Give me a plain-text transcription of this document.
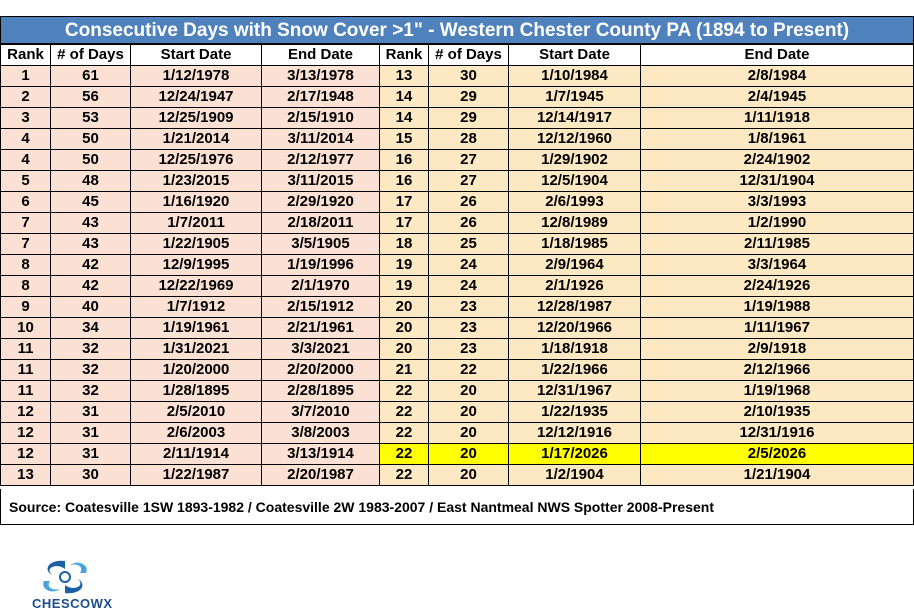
Consecutive Days with Snow Cover >1" - Western Chester County PA (1894 to Present)
Rank	# of Days	Start Date	End Date
1	61	1/12/1978	3/13/1978
2	56	12/24/1947	2/17/1948
3	53	12/25/1909	2/15/1910
4	50	1/21/2014	3/11/2014
4	50	12/25/1976	2/12/1977
5	48	1/23/2015	3/11/2015
6	45	1/16/1920	2/29/1920
7	43	1/7/2011	2/18/2011
7	43	1/22/1905	3/5/1905
8	42	12/9/1995	1/19/1996
8	42	12/22/1969	2/1/1970
9	40	1/7/1912	2/15/1912
10	34	1/19/1961	2/21/1961
11	32	1/31/2021	3/3/2021
11	32	1/20/2000	2/20/2000
11	32	1/28/1895	2/28/1895
12	31	2/5/2010	3/7/2010
12	31	2/6/2003	3/8/2003
12	31	2/11/1914	3/13/1914
13	30	1/22/1987	2/20/1987
Rank	# of Days	Start Date	End Date
13	30	1/10/1984	2/8/1984
14	29	1/7/1945	2/4/1945
14	29	12/14/1917	1/11/1918
15	28	12/12/1960	1/8/1961
16	27	1/29/1902	2/24/1902
16	27	12/5/1904	12/31/1904
17	26	2/6/1993	3/3/1993
17	26	12/8/1989	1/2/1990
18	25	1/18/1985	2/11/1985
19	24	2/9/1964	3/3/1964
19	24	2/1/1926	2/24/1926
20	23	12/28/1987	1/19/1988
20	23	12/20/1966	1/11/1967
20	23	1/18/1918	2/9/1918
21	22	1/22/1966	2/12/1966
22	20	12/31/1967	1/19/1968
22	20	1/22/1935	2/10/1935
22	20	12/12/1916	12/31/1916
22	20	1/17/2026	2/5/2026
22	20	1/2/1904	1/21/1904
Source: Coatesville 1SW 1893-1982 / Coatesville 2W 1983-2007 / East Nantmeal NWS Spotter 2008-Present
CHESCOWX
